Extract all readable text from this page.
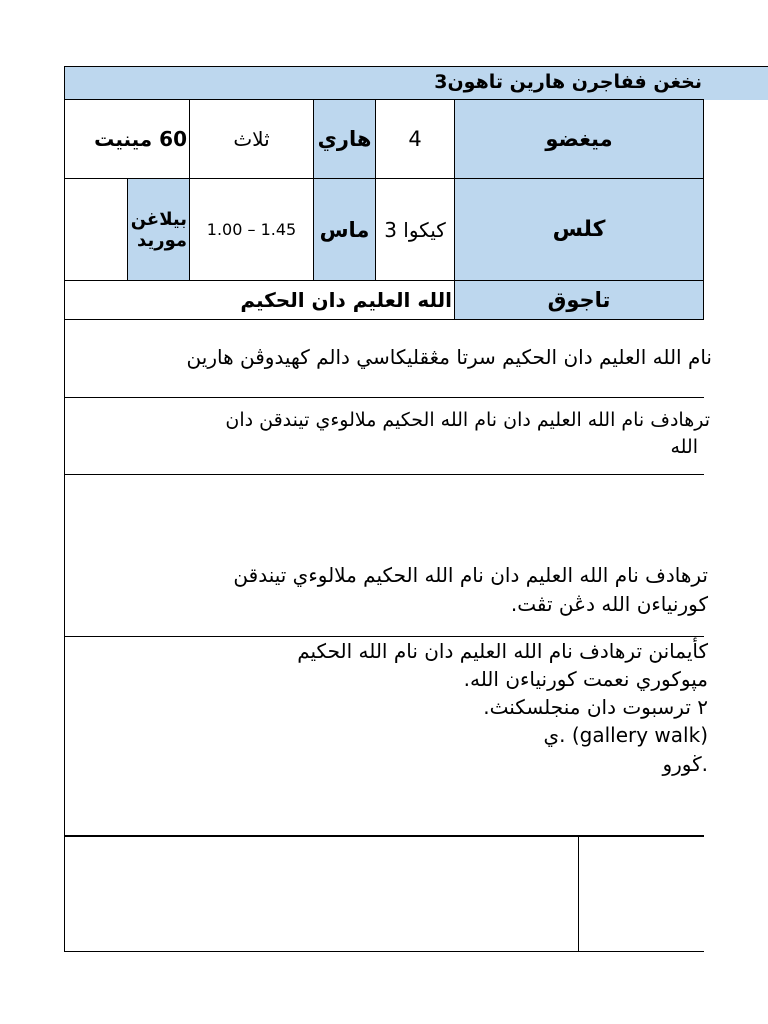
نخغن ففاجرن هارين تاهون3
ميغضو
4
هاري
ثلاث
60 مينيت
كلس
3 كيكوا
ماس
1.00 – 1.45
بيلاغن موريد
تاجوق
الله العليم دان الحكيم
نام الله العليم دان الحكيم سرتا مڠقليكاسي دالم كهيدوڤن هارين
ترهادف نام الله العليم دان نام الله الحكيم ملالوءي تيندقن دان
الله
ترهادف نام الله العليم دان نام الله الحكيم ملالوءي تيندقن
كورنياءن الله دڠن تڤت.
کأيمانن ترهادف نام الله العليم دان نام الله الحكيم
مڽوکوري نعمت کورنياءن الله.
٢ ترسبوت دان منجلسکنث.
(gallery walk) .ي
.ڬورو
